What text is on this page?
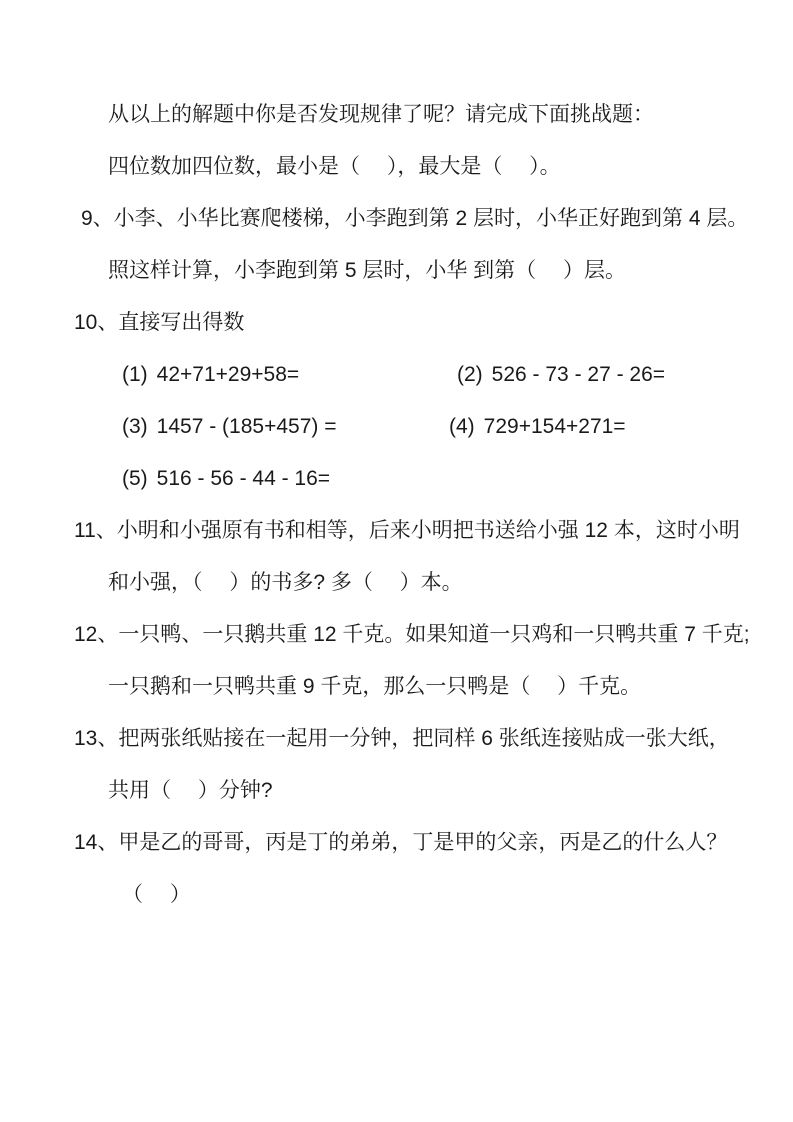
从以上的解题中你是否发现规律了呢？请完成下面挑战题：
四位数加四位数，最小是（　 ），最大是（　 ）。
9、小李、小华比赛爬楼梯，小李跑到第 2 层时，小华正好跑到第 4 层。
照这样计算，小李跑到第 5 层时，小华 到第（　 ）层。
10、直接写出得数
(1) 42+71+29+58=	(2) 526 - 73 - 27 - 26=
(3) 1457 - (185+457) =	(4) 729+154+271=
(5) 516 - 56 - 44 - 16=
11、小明和小强原有书和相等，后来小明把书送给小强 12 本，这时小明
和小强，（　 ）的书多? 多（　 ）本。
12、一只鸭、一只鹅共重 12 千克。如果知道一只鸡和一只鸭共重 7 千克;
一只鹅和一只鸭共重 9 千克，那么一只鸭是（　 ）千克。
13、把两张纸贴接在一起用一分钟，把同样 6 张纸连接贴成一张大纸，
共用（　 ）分钟?
14、甲是乙的哥哥，丙是丁的弟弟，丁是甲的父亲，丙是乙的什么人？
（　 ）
